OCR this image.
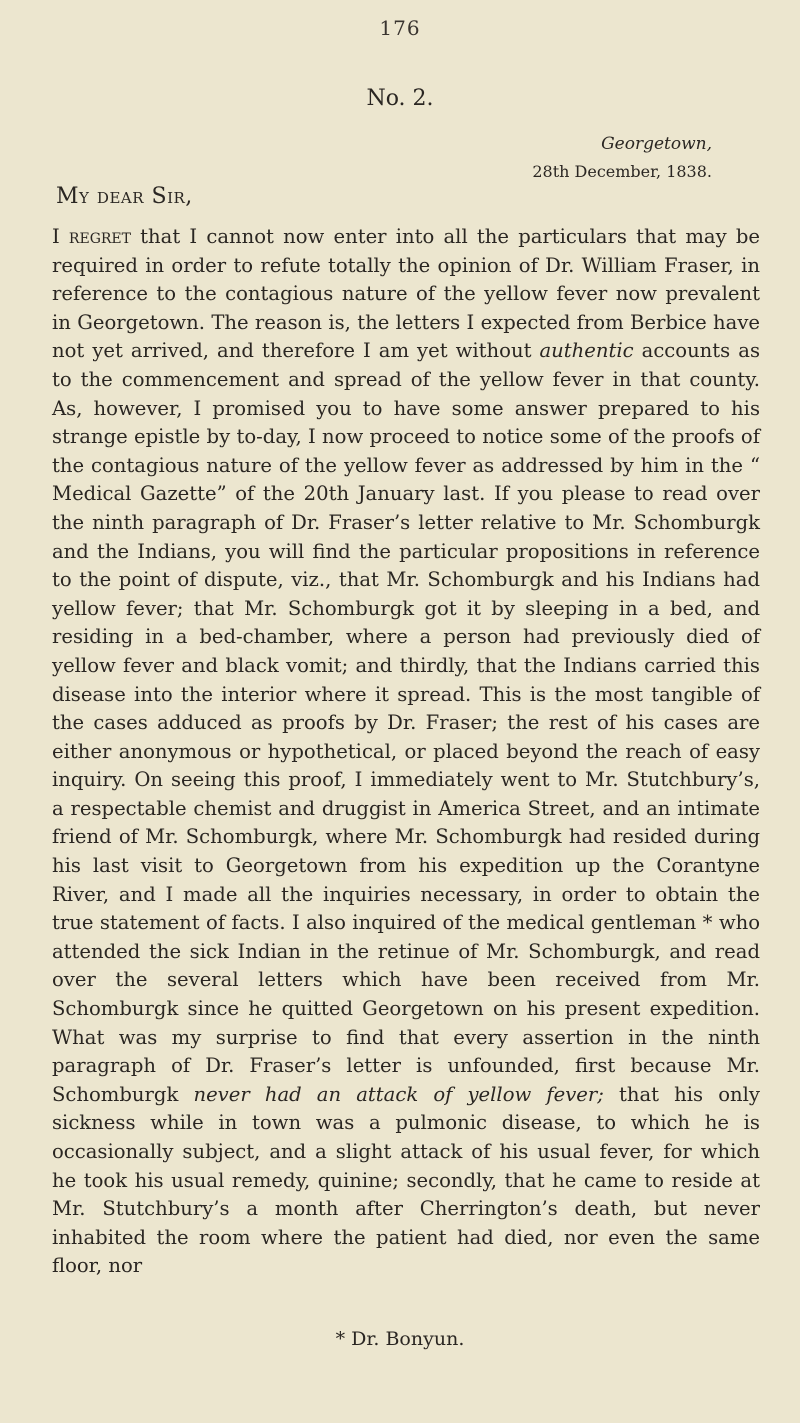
176
No. 2.
Georgetown,
28th December, 1838.
My dear Sir,
I regret that I cannot now enter into all the particulars that may be required in order to refute totally the opinion of Dr. William Fraser, in reference to the contagious nature of the yellow fever now prevalent in Georgetown. The reason is, the letters I expected from Berbice have not yet arrived, and therefore I am yet without authentic accounts as to the commencement and spread of the yellow fever in that county. As, however, I promised you to have some answer prepared to his strange epistle by to-day, I now proceed to notice some of the proofs of the contagious nature of the yellow fever as addressed by him in the “ Medical Gazette” of the 20th January last. If you please to read over the ninth paragraph of Dr. Fraser’s letter relative to Mr. Schomburgk and the Indians, you will find the particular propositions in reference to the point of dispute, viz., that Mr. Schomburgk and his Indians had yellow fever; that Mr. Schomburgk got it by sleeping in a bed, and residing in a bed-chamber, where a person had previously died of yellow fever and black vomit; and thirdly, that the Indians carried this disease into the interior where it spread. This is the most tangible of the cases adduced as proofs by Dr. Fraser; the rest of his cases are either anonymous or hypothetical, or placed beyond the reach of easy inquiry. On seeing this proof, I immediately went to Mr. Stutchbury’s, a respectable chemist and druggist in America Street, and an intimate friend of Mr. Schomburgk, where Mr. Schomburgk had resided during his last visit to Georgetown from his expedition up the Corantyne River, and I made all the inquiries necessary, in order to obtain the true statement of facts. I also inquired of the medical gentleman * who attended the sick Indian in the retinue of Mr. Schomburgk, and read over the several letters which have been received from Mr. Schomburgk since he quitted Georgetown on his present expedition. What was my surprise to find that every assertion in the ninth paragraph of Dr. Fraser’s letter is unfounded, first because Mr. Schomburgk never had an attack of yellow fever; that his only sickness while in town was a pulmonic disease, to which he is occasionally subject, and a slight attack of his usual fever, for which he took his usual remedy, quinine; secondly, that he came to reside at Mr. Stutchbury’s a month after Cherrington’s death, but never inhabited the room where the patient had died, nor even the same floor, nor
* Dr. Bonyun.
